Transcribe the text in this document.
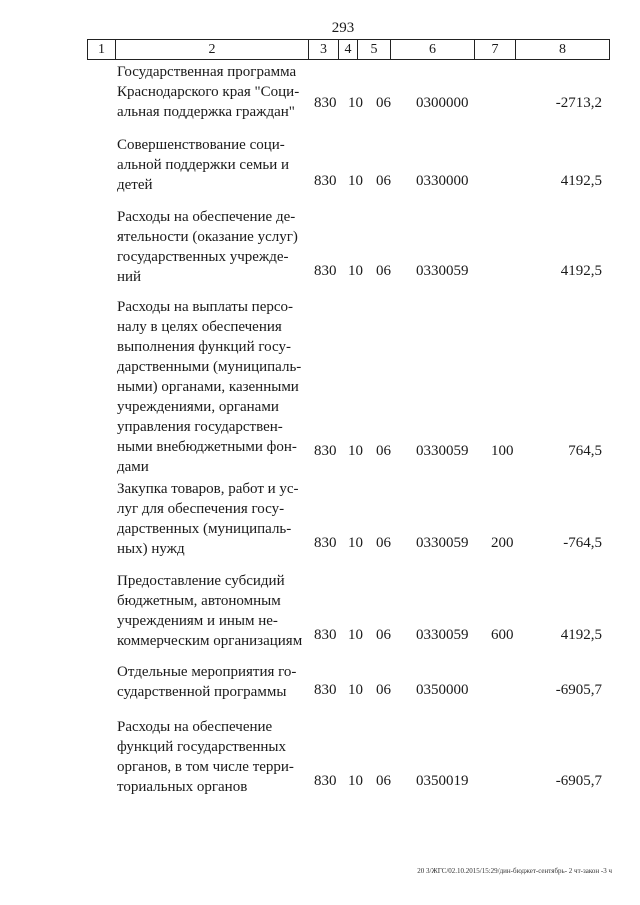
293
1	2	3	4	5	6	7	8
Государственная программа
Краснодарского края "Соци-
альная поддержка граждан"
830 10 06 0300000	-2713,2
Совершенствование соци-
альной поддержки семьи и
детей	830 10 06 0330000	4192,5
Расходы на обеспечение де-
ятельности (оказание услуг)
государственных учрежде-
ний	830 10 06 0330059	4192,5
Расходы на выплаты персо-
налу в целях обеспечения
выполнения функций госу-
дарственными (муниципаль-
ными) органами, казенными
учреждениями, органами
управления государствен-
ными внебюджетными фон-
дами
830 10 06 0330059 100	764,5
Закупка товаров, работ и ус-
луг для обеспечения госу-
дарственных (муниципаль-
ных) нужд	830 10 06 0330059 200	-764,5
Предоставление субсидий
бюджетным, автономным
учреждениям и иным не-
коммерческим организациям 830 10 06 0330059 600	4192,5
Отдельные мероприятия го-
сударственной программы	830 10 06 0350000	-6905,7
Расходы на обеспечение
функций государственных
органов, в том числе терри-
ториальных органов	830 10 06 0350019	-6905,7
20 3/ЖГС/02.10.2015/15:29/дин-бюджет-сентябрь- 2 чт-закон -3 ч
